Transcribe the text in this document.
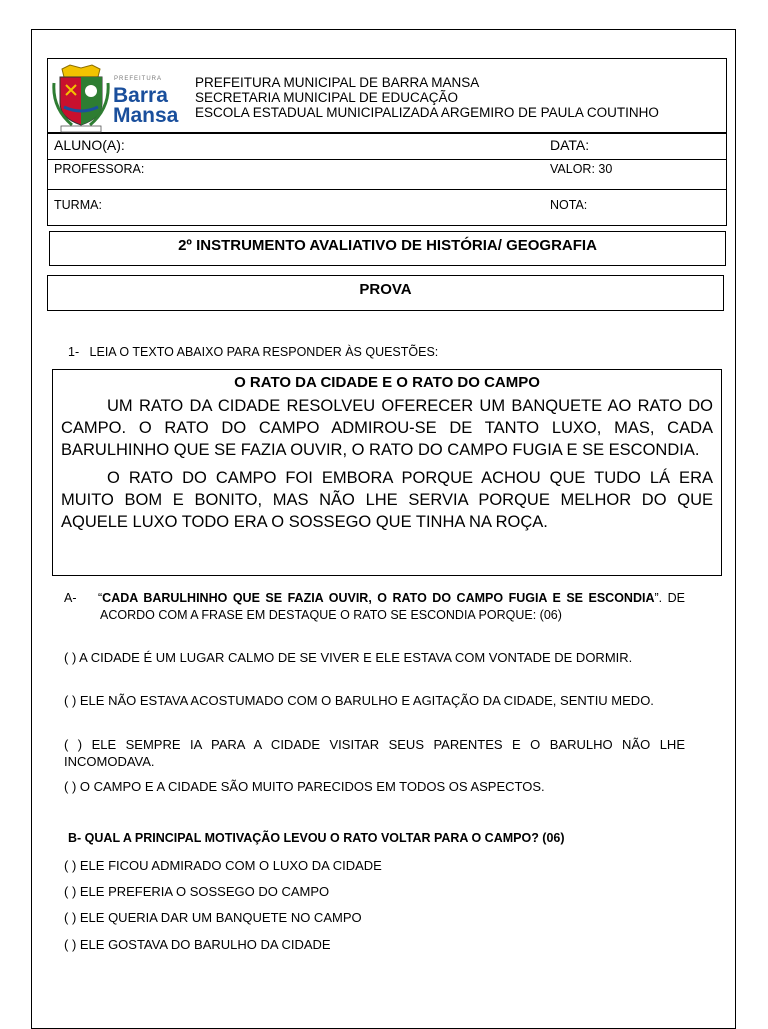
PREFEITURA
Barra
Mansa
PREFEITURA MUNICIPAL DE BARRA MANSA
SECRETARIA MUNICIPAL DE EDUCAÇÃO
ESCOLA ESTADUAL MUNICIPALIZADA ARGEMIRO DE PAULA COUTINHO
ALUNO(A):	DATA:
PROFESSORA:	VALOR: 30
TURMA:	NOTA:
2º INSTRUMENTO AVALIATIVO DE HISTÓRIA/ GEOGRAFIA
PROVA
1- LEIA O TEXTO ABAIXO PARA RESPONDER ÀS QUESTÕES:
O RATO DA CIDADE E O RATO DO CAMPO

UM RATO DA CIDADE RESOLVEU OFERECER UM BANQUETE AO RATO DO CAMPO. O RATO DO CAMPO ADMIROU-SE DE TANTO LUXO, MAS, CADA BARULHINHO QUE SE FAZIA OUVIR, O RATO DO CAMPO FUGIA E SE ESCONDIA.

O RATO DO CAMPO FOI EMBORA PORQUE ACHOU QUE TUDO LÁ ERA MUITO BOM E BONITO, MAS NÃO LHE SERVIA PORQUE MELHOR DO QUE AQUELE LUXO TODO ERA O SOSSEGO QUE TINHA NA ROÇA.

A- “CADA BARULHINHO QUE SE FAZIA OUVIR, O RATO DO CAMPO FUGIA E SE ESCONDIA”. DE ACORDO COM A FRASE EM DESTAQUE O RATO SE ESCONDIA PORQUE: (06)
( ) A CIDADE É UM LUGAR CALMO DE SE VIVER E ELE ESTAVA COM VONTADE DE DORMIR.
( ) ELE NÃO ESTAVA ACOSTUMADO COM O BARULHO E AGITAÇÃO DA CIDADE, SENTIU MEDO.
( ) ELE SEMPRE IA PARA A CIDADE VISITAR SEUS PARENTES E O BARULHO NÃO LHE INCOMODAVA.
( ) O CAMPO E A CIDADE SÃO MUITO PARECIDOS EM TODOS OS ASPECTOS.
B- QUAL A PRINCIPAL MOTIVAÇÃO LEVOU O RATO VOLTAR PARA O CAMPO? (06)
( ) ELE FICOU ADMIRADO COM O LUXO DA CIDADE
( ) ELE PREFERIA O SOSSEGO DO CAMPO
( ) ELE QUERIA DAR UM BANQUETE NO CAMPO
( ) ELE GOSTAVA DO BARULHO DA CIDADE
